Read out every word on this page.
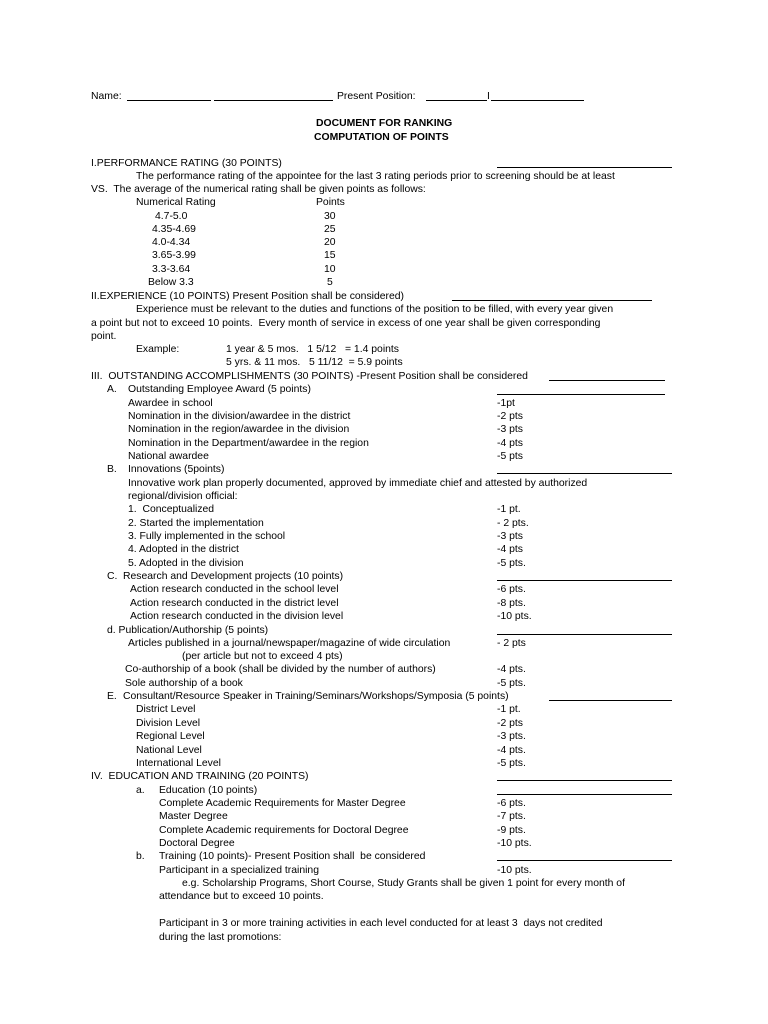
Name:	Present Position:	I
DOCUMENT FOR RANKING
COMPUTATION OF POINTS
I.PERFORMANCE RATING (30 POINTS)
The performance rating of the appointee for the last 3 rating periods prior to screening should be at least
VS.  The average of the numerical rating shall be given points as follows:
Numerical Rating	Points
4.7-5.0	30
4.35-4.69	25
4.0-4.34	20
3.65-3.99	15
3.3-3.64	10
Below 3.3	5
II.EXPERIENCE (10 POINTS) Present Position shall be considered)
Experience must be relevant to the duties and functions of the position to be filled, with every year given
a point but not to exceed 10 points.  Every month of service in excess of one year shall be given corresponding
point.
Example:	1 year & 5 mos.   1 5/12   = 1.4 points
5 yrs. & 11 mos.   5 11/12  = 5.9 points
III.  OUTSTANDING ACCOMPLISHMENTS (30 POINTS) -Present Position shall be considered
A. Outstanding Employee Award (5 points)
Awardee in school	-1pt
Nomination in the division/awardee in the district	-2 pts
Nomination in the region/awardee in the division	-3 pts
Nomination in the Department/awardee in the region	-4 pts
National awardee	-5 pts
B. Innovations (5points)
Innovative work plan properly documented, approved by immediate chief and attested by authorized
regional/division official:
1.  Conceptualized	-1 pt.
2. Started the implementation	- 2 pts.
3. Fully implemented in the school	-3 pts
4. Adopted in the district	-4 pts
5. Adopted in the division	-5 pts.
C. Research and Development projects (10 points)
Action research conducted in the school level	-6 pts.
Action research conducted in the district level	-8 pts.
Action research conducted in the division level	-10 pts.
d. Publication/Authorship (5 points)
Articles published in a journal/newspaper/magazine of wide circulation	- 2 pts
(per article but not to exceed 4 pts)
Co-authorship of a book (shall be divided by the number of authors)	-4 pts.
Sole authorship of a book	-5 pts.
E. Consultant/Resource Speaker in Training/Seminars/Workshops/Symposia (5 points)
District Level	-1 pt.
Division Level	-2 pts
Regional Level	-3 pts.
National Level	-4 pts.
International Level	-5 pts.
IV.  EDUCATION AND TRAINING (20 POINTS)
a. Education (10 points)
Complete Academic Requirements for Master Degree	-6 pts.
Master Degree	-7 pts.
Complete Academic requirements for Doctoral Degree	-9 pts.
Doctoral Degree	-10 pts.
b. Training (10 points)- Present Position shall  be considered
Participant in a specialized training	-10 pts.
e.g. Scholarship Programs, Short Course, Study Grants shall be given 1 point for every month of
attendance but to exceed 10 points.
Participant in 3 or more training activities in each level conducted for at least 3  days not credited
during the last promotions:
